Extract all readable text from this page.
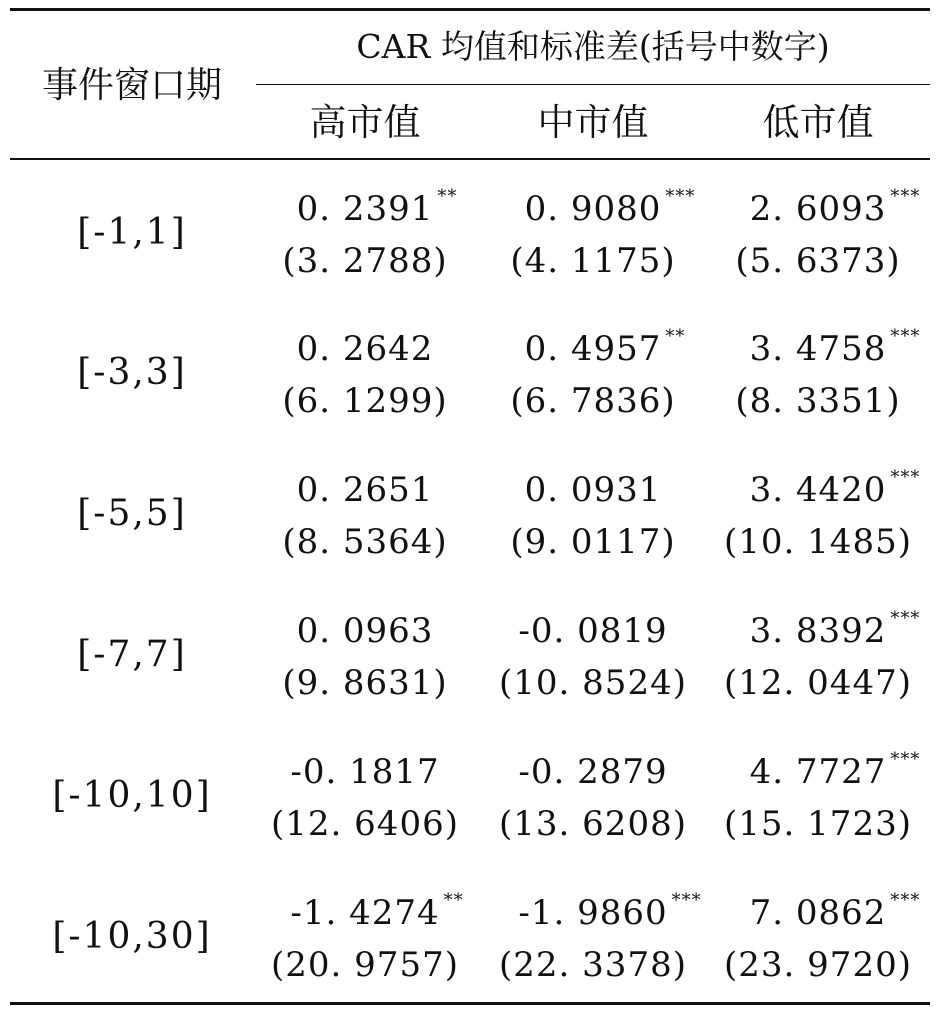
事件窗口期
CAR 均值和标准差(括号中数字)
高市值	中市值	低市值
[-1,1]
0. 2391 **
(3. 2788)
0. 9080 ***
(4. 1175)
2. 6093 ***
(5. 6373)
[-3,3]
0. 2642
(6. 1299)
0. 4957 **
(6. 7836)
3. 4758 ***
(8. 3351)
[-5,5]
0. 2651
(8. 5364)
0. 0931
(9. 0117)
3. 4420 ***
(10. 1485)
[-7,7]
0. 0963
(9. 8631)
-0. 0819
(10. 8524)
3. 8392 ***
(12. 0447)
[-10,10]
-0. 1817
(12. 6406)
-0. 2879
(13. 6208)
4. 7727 ***
(15. 1723)
[-10,30]
-1. 4274 **
(20. 9757)
-1. 9860 ***
(22. 3378)
7. 0862 ***
(23. 9720)
